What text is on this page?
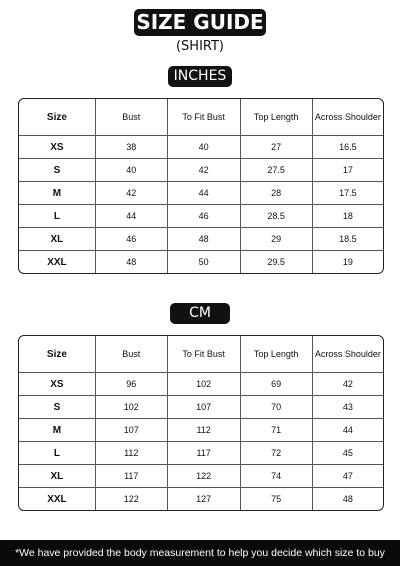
SIZE GUIDE
(SHIRT)
INCHES
Size	Bust	To Fit Bust	Top Length	Across Shoulder
XS	38	40	27	16.5
S	40	42	27.5	17
M	42	44	28	17.5
L	44	46	28.5	18
XL	46	48	29	18.5
XXL	48	50	29.5	19
CM
Size	Bust	To Fit Bust	Top Length	Across Shoulder
XS	96	102	69	42
S	102	107	70	43
M	107	112	71	44
L	112	117	72	45
XL	117	122	74	47
XXL	122	127	75	48
*We have provided the body measurement to help you decide which size to buy
